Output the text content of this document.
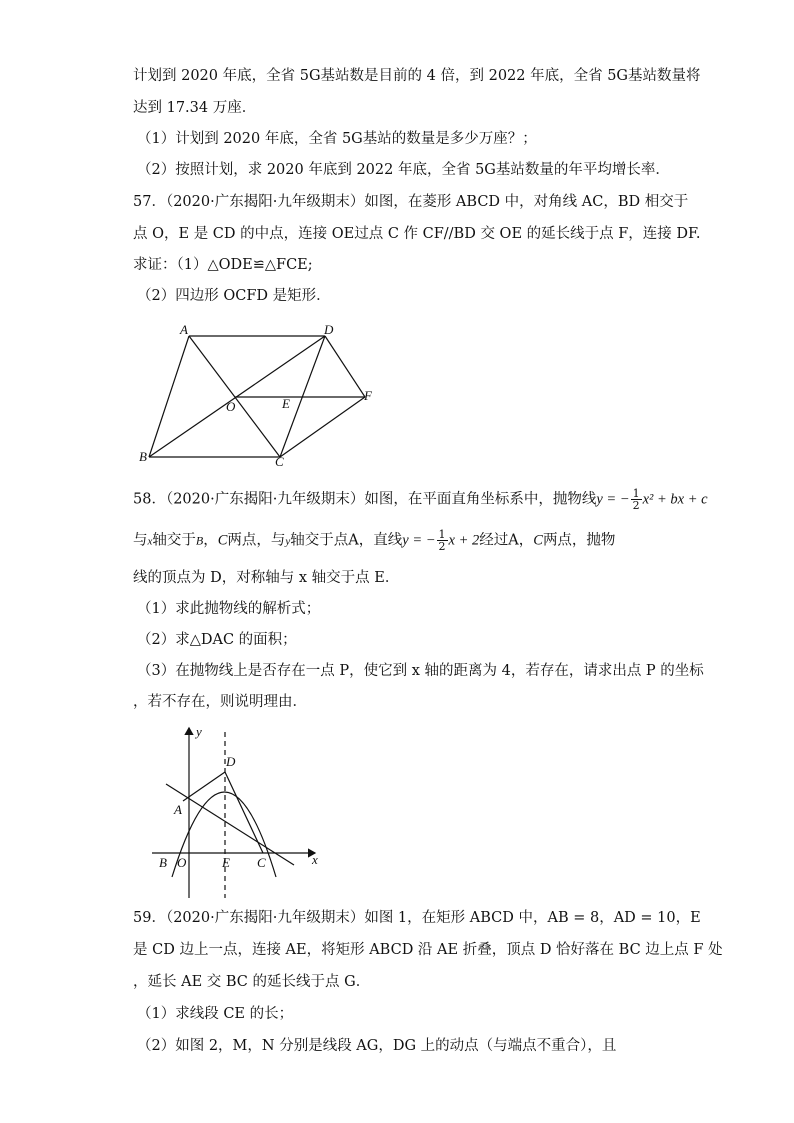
计划到 2020 年底，全省 5G基站数是目前的 4 倍，到 2022 年底，全省 5G基站数量将
达到 17.34 万座．
（1）计划到 2020 年底，全省 5G基站的数量是多少万座？；
（2）按照计划，求 2020 年底到 2022 年底，全省 5G基站数量的年平均增长率．
57．（2020·广东揭阳·九年级期末）如图，在菱形 ABCD 中，对角线 AC，BD 相交于
点 O，E 是 CD 的中点，连接 OE过点 C 作 CF//BD 交 OE 的延长线于点 F，连接 DF.
求证：（1）△ODE≌△FCE;
（2）四边形 OCFD 是矩形．
A	D
O	E
F
B	C
58．（2020·广东揭阳·九年级期末）如图，在平面直角坐标系中，抛物线y = − $\frac{1}{2} x^2$ + bx + c
与x轴交于B，C两点，与y轴交于点A，直线y = − $\frac{1}{2}$ x + 2经过A，C两点，抛物
线的顶点为 D，对称轴与 x 轴交于点 E．
（1）求此抛物线的解析式；
（2）求△DAC 的面积；
（3）在抛物线上是否存在一点 P，使它到 x 轴的距离为 4，若存在，请求出点 P 的坐标
，若不存在，则说明理由．
y
x
D
A
B O	E C
59．（2020·广东揭阳·九年级期末）如图 1，在矩形 ABCD 中，AB = 8，AD = 10，E
是 CD 边上一点，连接 AE，将矩形 ABCD 沿 AE 折叠，顶点 D 恰好落在 BC 边上点 F 处
，延长 AE 交 BC 的延长线于点 G．
（1）求线段 CE 的长；
（2）如图 2，M，N 分别是线段 AG，DG 上的动点（与端点不重合），且
